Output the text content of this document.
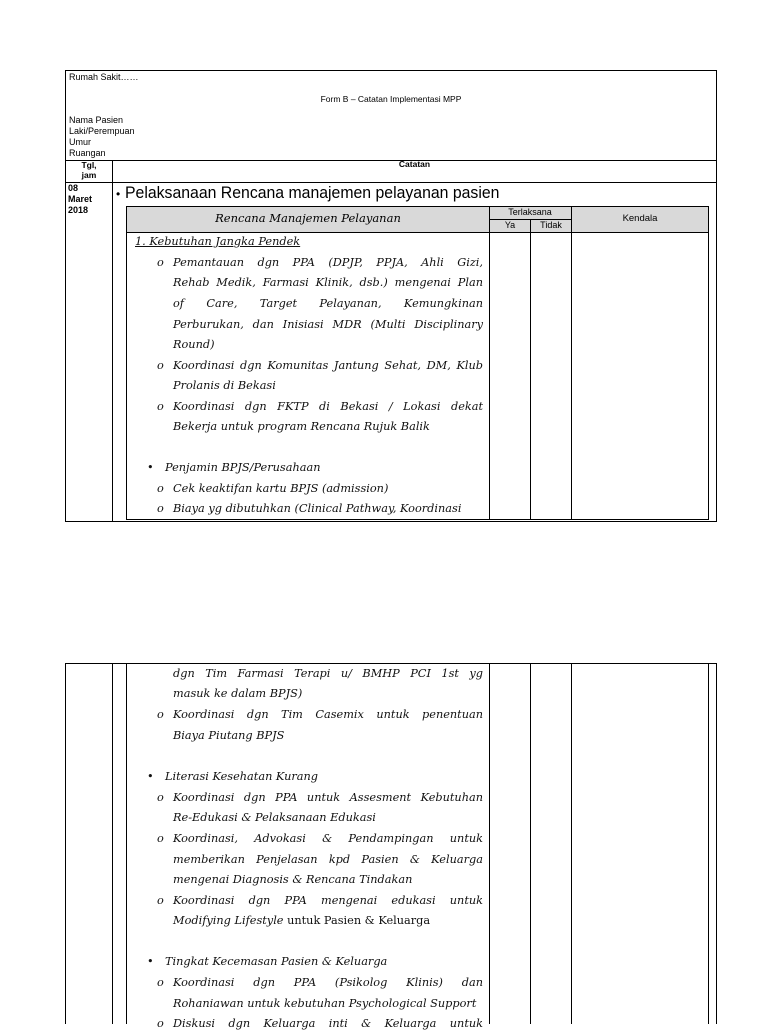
Rumah Sakit……
Form B – Catatan Implementasi MPP
Nama Pasien
Laki/Perempuan
Umur
Ruangan
Tgl,
jam
Catatan
08
Maret
2018
• Pelaksanaan Rencana manajemen pelayanan pasien
Rencana Manajemen Pelayanan	Terlaksana
Ya	Tidak
Kendala
1. Kebutuhan Jangka Pendek
o Pemantauan dgn PPA (DPJP, PPJA, Ahli Gizi,
Rehab Medik, Farmasi Klinik, dsb.) mengenai Plan
of Care, Target Pelayanan, Kemungkinan
Perburukan, dan Inisiasi MDR (Multi Disciplinary
Round)
o Koordinasi dgn Komunitas Jantung Sehat, DM, Klub
Prolanis di Bekasi
o Koordinasi dgn FKTP di Bekasi / Lokasi dekat
Bekerja untuk program Rencana Rujuk Balik
• Penjamin BPJS/Perusahaan
o Cek keaktifan kartu BPJS (admission)
o Biaya yg dibutuhkan (Clinical Pathway, Koordinasi
dgn Tim Farmasi Terapi u/ BMHP PCI 1st yg
masuk ke dalam BPJS)
o Koordinasi dgn Tim Casemix untuk penentuan
Biaya Piutang BPJS
• Literasi Kesehatan Kurang
o Koordinasi dgn PPA untuk Assesment Kebutuhan
Re-Edukasi & Pelaksanaan Edukasi
o Koordinasi, Advokasi & Pendampingan untuk
memberikan Penjelasan kpd Pasien & Keluarga
mengenai Diagnosis & Rencana Tindakan
o Koordinasi dgn PPA mengenai edukasi untuk
Modifying Lifestyle untuk Pasien & Keluarga
• Tingkat Kecemasan Pasien & Keluarga
o Koordinasi dgn PPA (Psikolog Klinis) dan
Rohaniawan untuk kebutuhan Psychological Support
o Diskusi dgn Keluarga inti & Keluarga untuk
